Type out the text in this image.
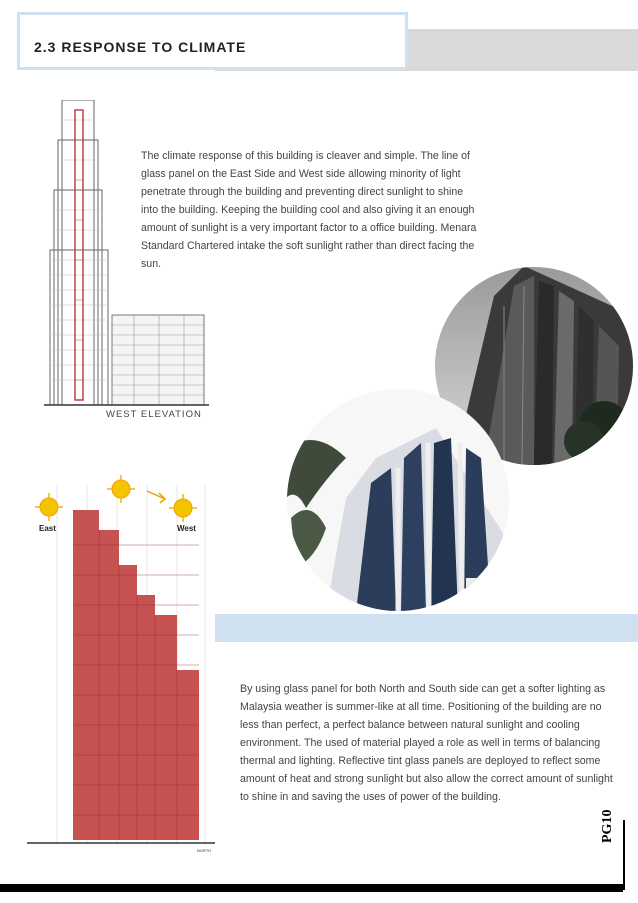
2.3 RESPONSE TO CLIMATE
The climate response of this building is cleaver and simple. The line of glass panel on the East Side and West side allowing minority of light penetrate through the building and preventing direct sunlight to shine into the building. Keeping the building cool and also giving it an enough amount of sunlight is a very important factor to a office building. Menara Standard Chartered intake the soft sunlight rather than direct facing the sun.
WEST ELEVATION
East	West
NORTH
By using glass panel for both North and South side can get a softer lighting as Malaysia weather is summer-like at all time. Positioning of the building are no less than perfect, a perfect balance between natural sunlight and cooling environment. The used of material played a role as well in terms of balancing thermal and lighting. Reflective tint glass panels are deployed to reflect some amount of heat and strong sunlight but also allow the correct amount of sunlight to shine in and saving the uses of power of the building.
PG10
